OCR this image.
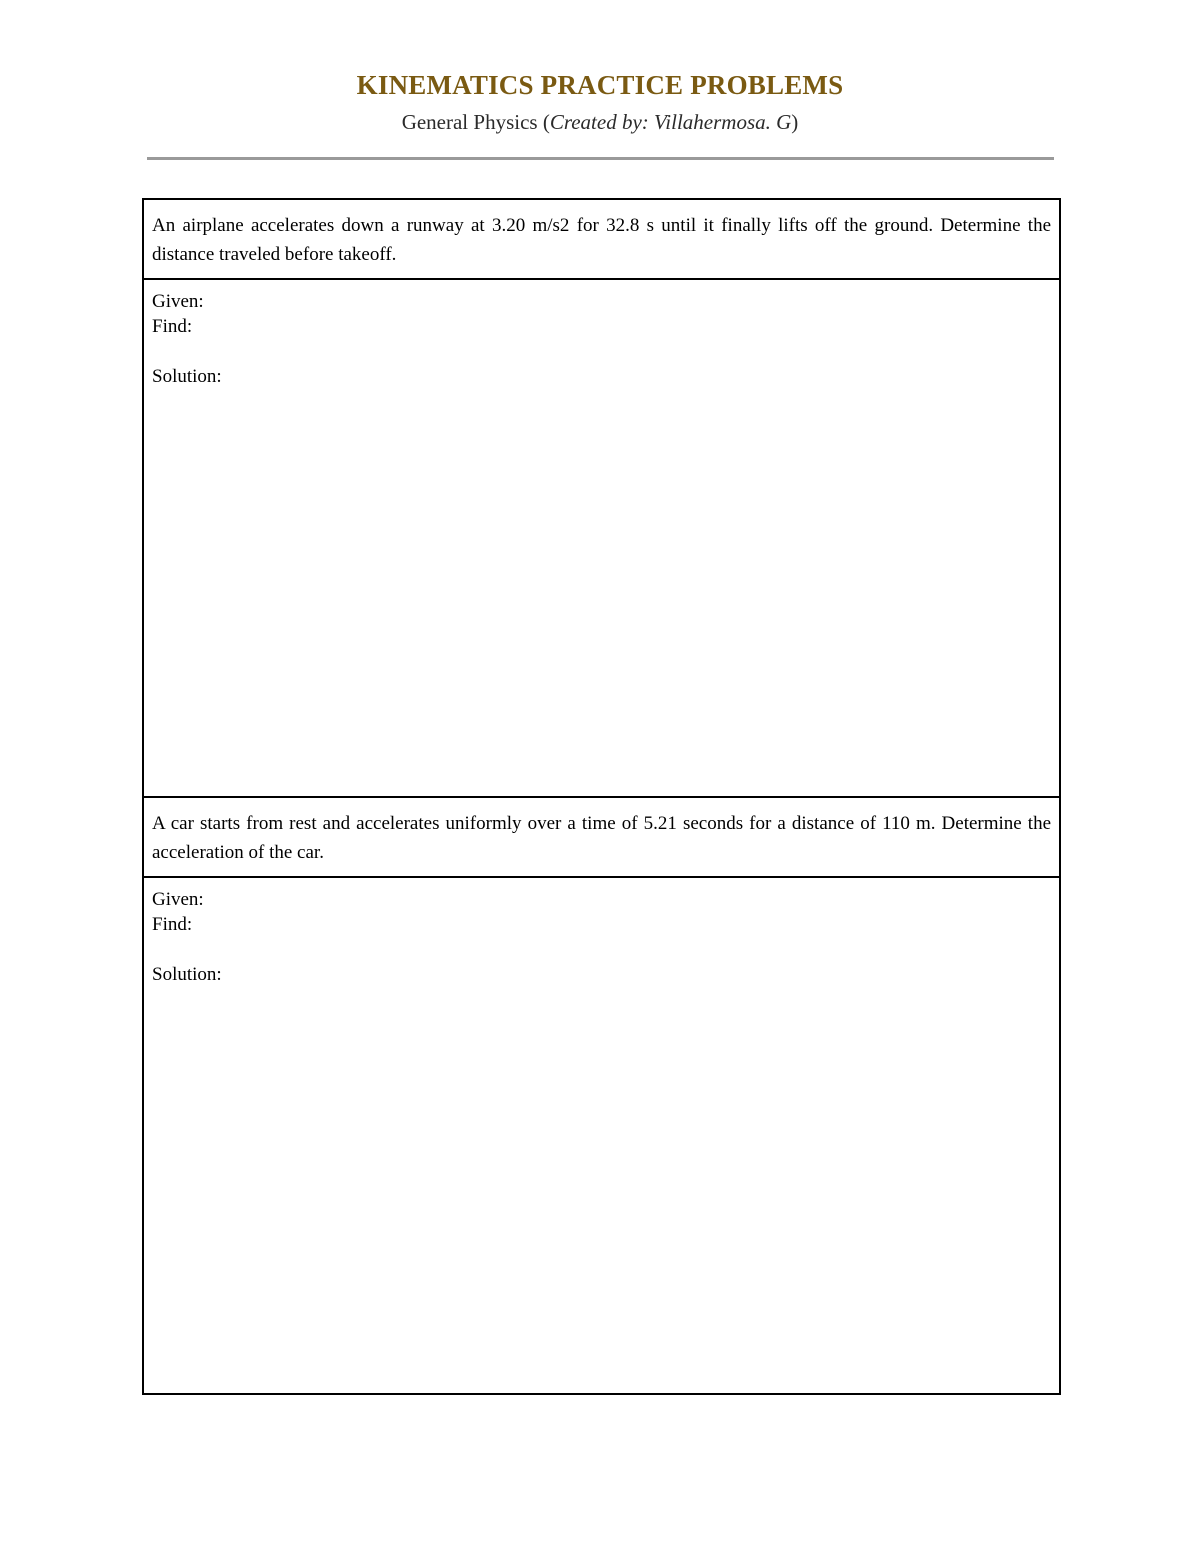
KINEMATICS PRACTICE PROBLEMS
General Physics (Created by: Villahermosa. G)
An airplane accelerates down a runway at 3.20 m/s2 for 32.8 s until it finally lifts off the ground. Determine the distance traveled before takeoff.
Given:
Find:
Solution:
A car starts from rest and accelerates uniformly over a time of 5.21 seconds for a distance of 110 m. Determine the acceleration of the car.
Given:
Find:
Solution:
